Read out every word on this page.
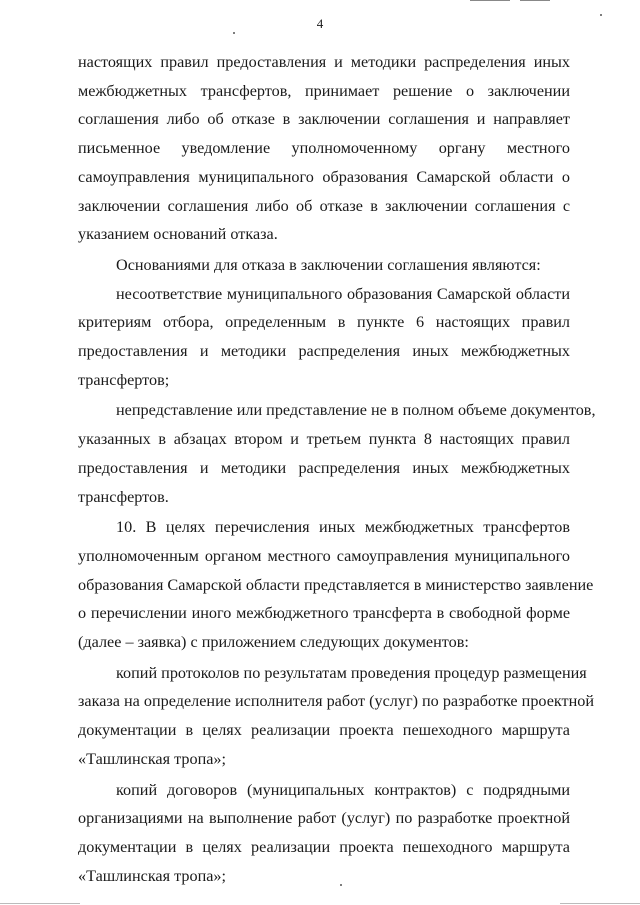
4
настоящих правил предоставления и методики распределения иных
межбюджетных трансфертов, принимает решение о заключении
соглашения либо об отказе в заключении соглашения и направляет
письменное уведомление уполномоченному органу местного
самоуправления муниципального образования Самарской области о
заключении соглашения либо об отказе в заключении соглашения с
указанием оснований отказа.
Основаниями для отказа в заключении соглашения являются:
несоответствие муниципального образования Самарской области
критериям отбора, определенным в пункте 6 настоящих правил
предоставления и методики распределения иных межбюджетных
трансфертов;
непредставление или представление не в полном объеме документов,
указанных в абзацах втором и третьем пункта 8 настоящих правил
предоставления и методики распределения иных межбюджетных
трансфертов.
10. В целях перечисления иных межбюджетных трансфертов
уполномоченным органом местного самоуправления муниципального
образования Самарской области представляется в министерство заявление
о перечислении иного межбюджетного трансферта в свободной форме
(далее – заявка) с приложением следующих документов:
копий протоколов по результатам проведения процедур размещения
заказа на определение исполнителя работ (услуг) по разработке проектной
документации в целях реализации проекта пешеходного маршрута
«Ташлинская тропа»;
копий договоров (муниципальных контрактов) с подрядными
организациями на выполнение работ (услуг) по разработке проектной
документации в целях реализации проекта пешеходного маршрута
«Ташлинская тропа»;
